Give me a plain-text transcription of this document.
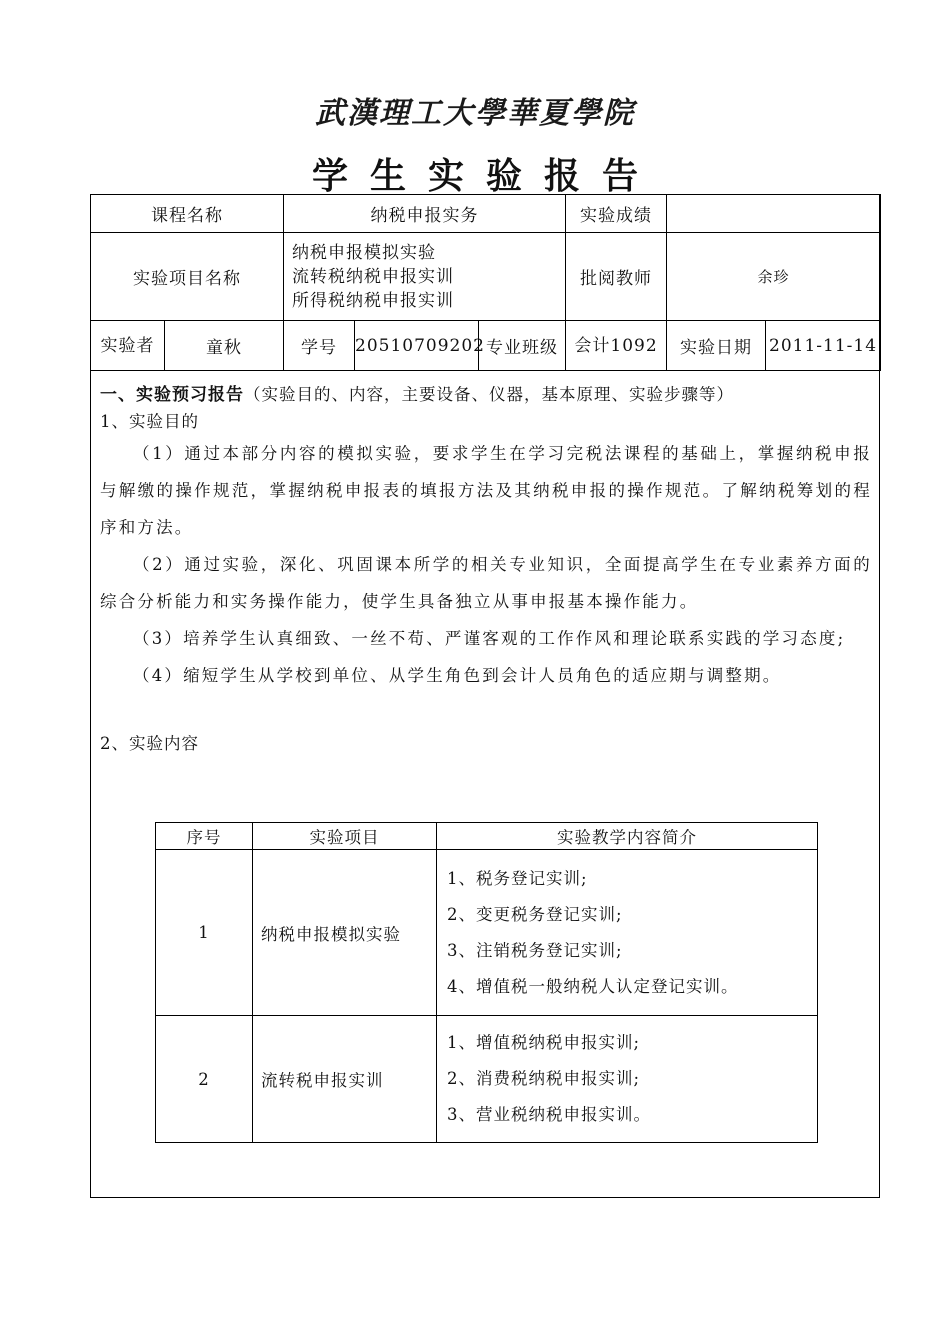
武漢理工大學華夏學院
学生实验报告
课程名称		纳税申报实务			实验成绩		
实验项目名称		纳税申报模拟实验
流转税纳税申报实训
所得税纳税申报实训			批阅教师	余珍	
实验者	童秋	学号	20510709202	专业班级	会计1092	实验日期	2011-11-14
一、实验预习报告（实验目的、内容，主要设备、仪器，基本原理、实验步骤等）
1、实验目的

（1）通过本部分内容的模拟实验，要求学生在学习完税法课程的基础上，掌握纳税申报与解缴的操作规范，掌握纳税申报表的填报方法及其纳税申报的操作规范。了解纳税筹划的程序和方法。

（2）通过实验，深化、巩固课本所学的相关专业知识，全面提高学生在专业素养方面的综合分析能力和实务操作能力，使学生具备独立从事申报基本操作能力。

（3）培养学生认真细致、一丝不苟、严谨客观的工作作风和理论联系实践的学习态度;

（4）缩短学生从学校到单位、从学生角色到会计人员角色的适应期与调整期。

2、实验内容
序号	实验项目	实验教学内容简介
1	纳税申报模拟实验	1、税务登记实训;
2、变更税务登记实训;
3、注销税务登记实训;
4、增值税一般纳税人认定登记实训。

2	流转税申报实训	1、增值税纳税申报实训;
2、消费税纳税申报实训;
3、营业税纳税申报实训。
